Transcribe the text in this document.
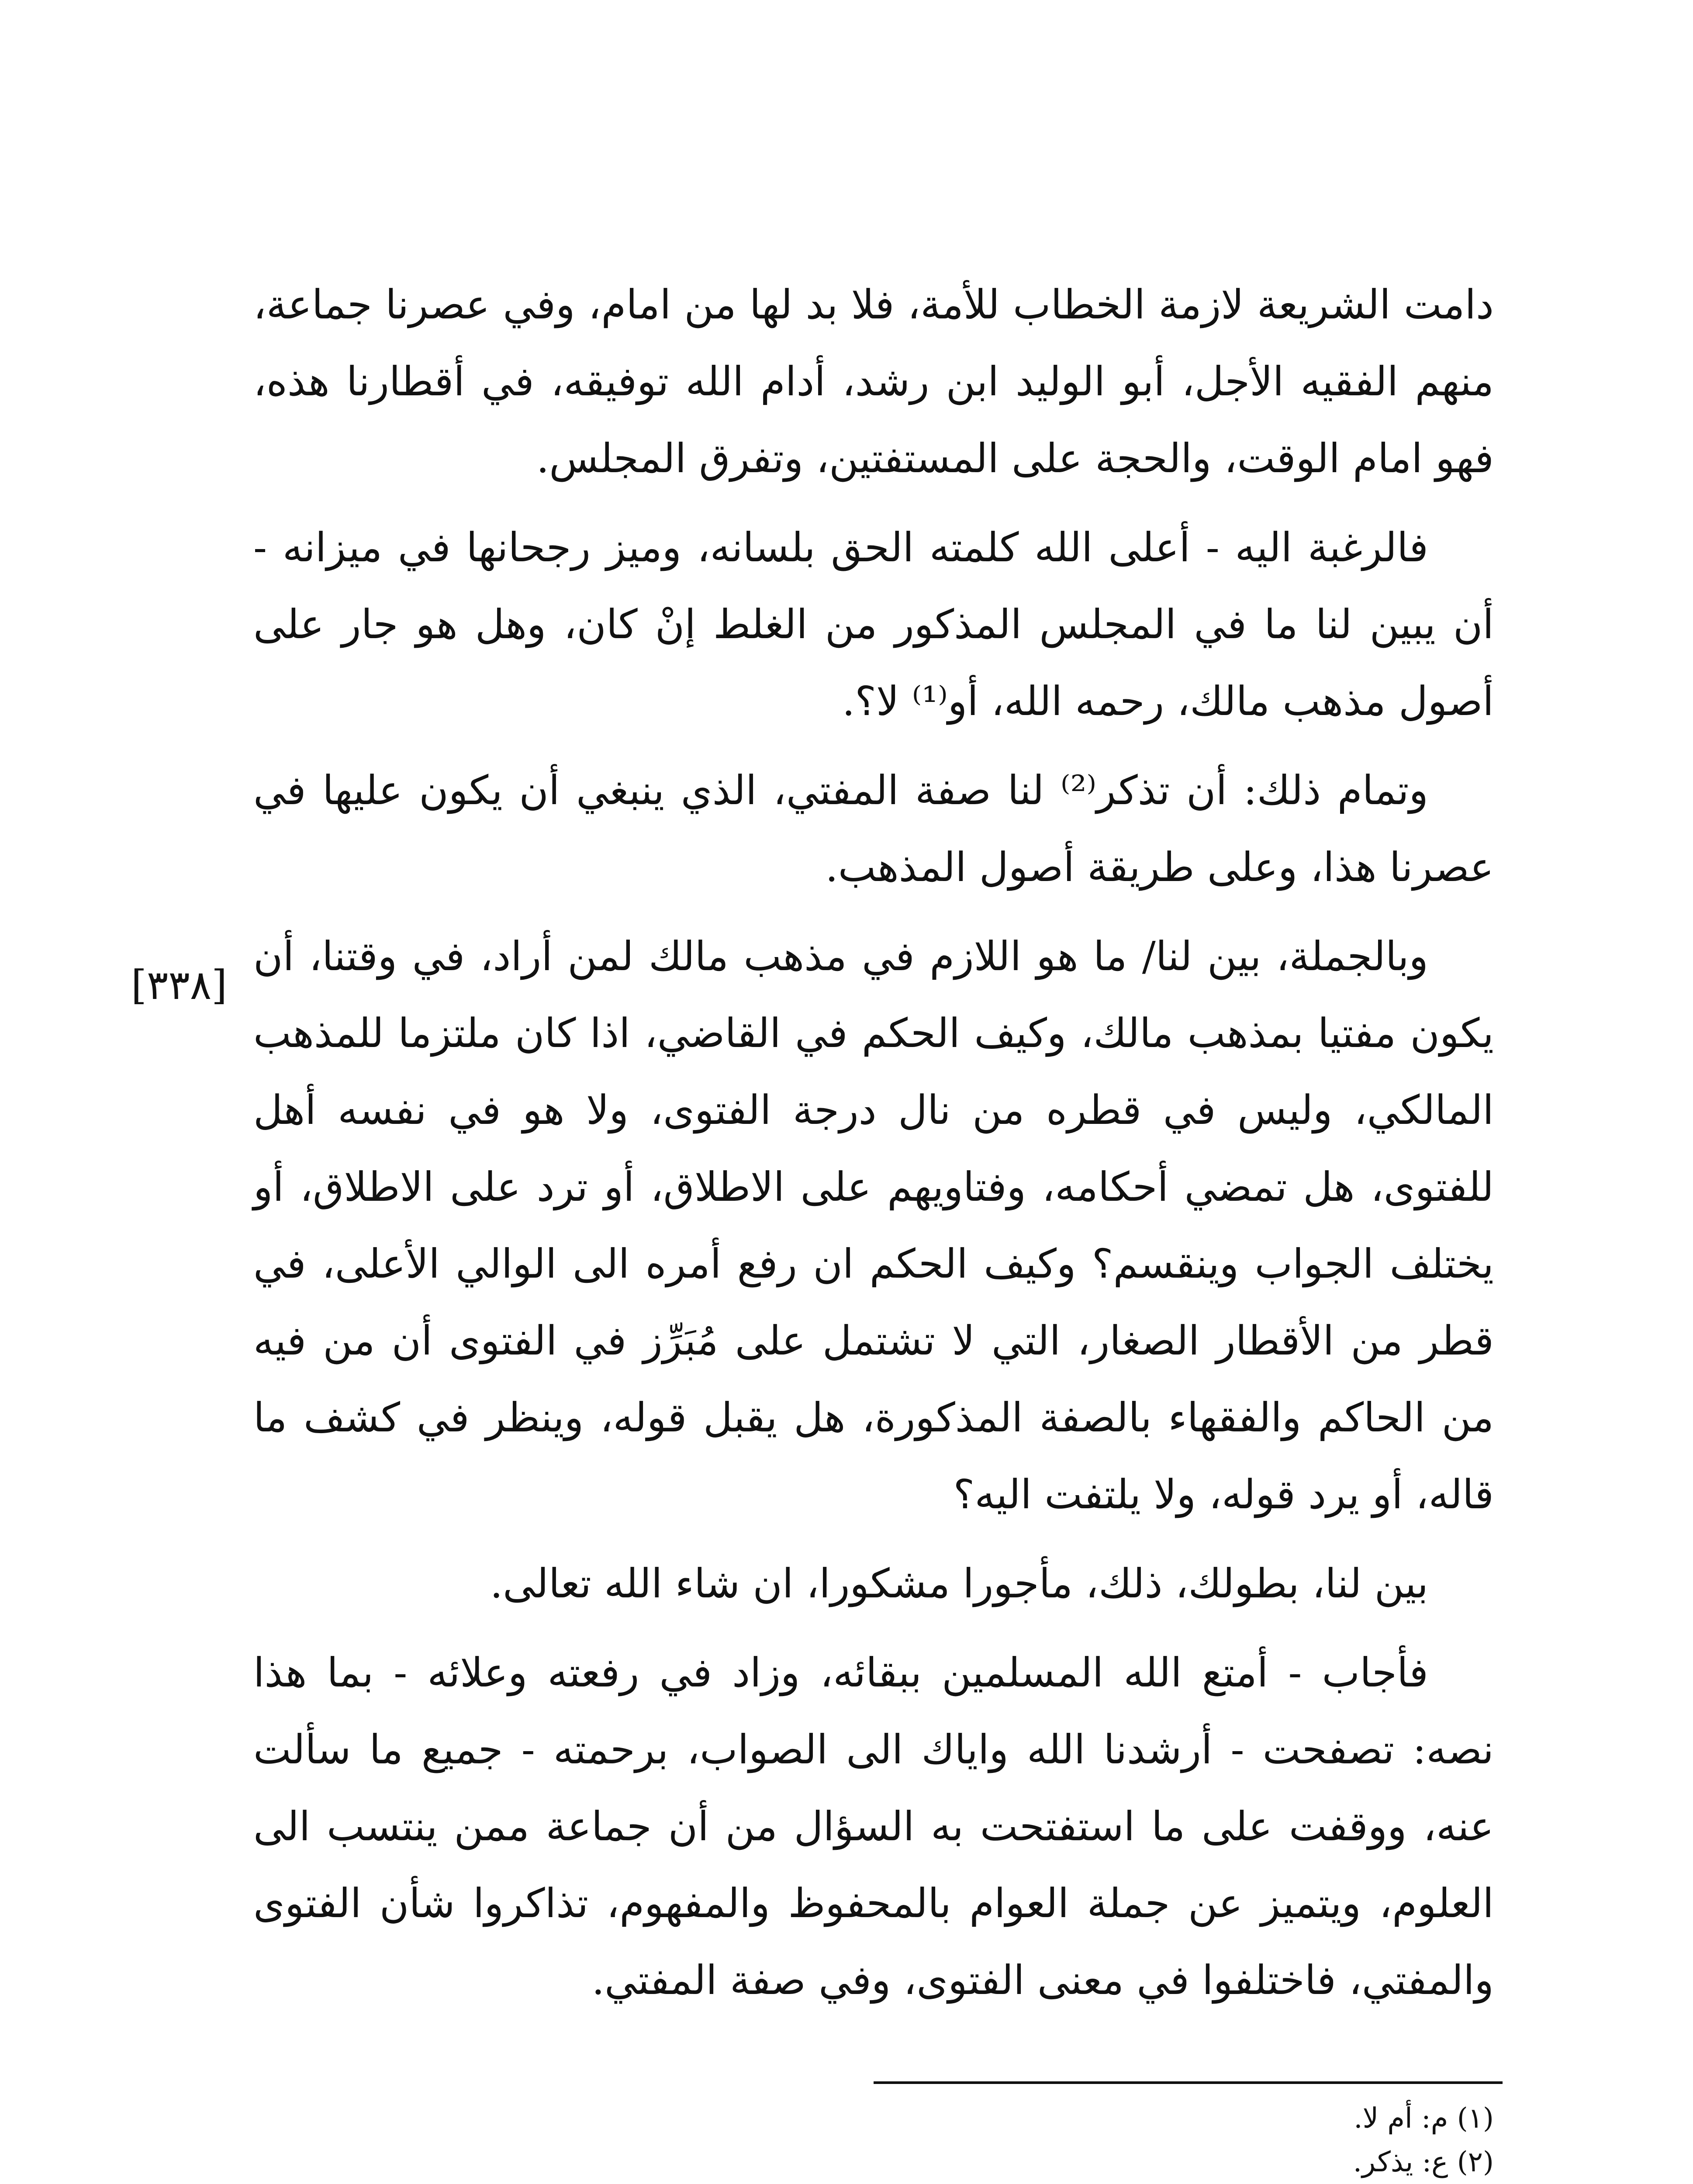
دامت الشريعة لازمة الخطاب للأمة، فلا بد لها من امام، وفي عصرنا جماعة، منهم الفقيه الأجل، أبو الوليد ابن رشد، أدام الله توفيقه، في أقطارنا هذه، فهو امام الوقت، والحجة على المستفتين، وتفرق المجلس.

فالرغبة اليه - أعلى الله كلمته الحق بلسانه، وميز رجحانها في ميزانه - أن يبين لنا ما في المجلس المذكور من الغلط إنْ كان، وهل هو جار على أصول مذهب مالك، رحمه الله، أو⁽¹⁾ لا؟.

وتمام ذلك: أن تذكر⁽²⁾ لنا صفة المفتي، الذي ينبغي أن يكون عليها في عصرنا هذا، وعلى طريقة أصول المذهب.

وبالجملة، بين لنا/ ما هو اللازم في مذهب مالك لمن أراد، في وقتنا، أن يكون مفتيا بمذهب مالك، وكيف الحكم في القاضي، اذا كان ملتزما للمذهب المالكي، وليس في قطره من نال درجة الفتوى، ولا هو في نفسه أهل للفتوى، هل تمضي أحكامه، وفتاويهم على الاطلاق، أو ترد على الاطلاق، أو يختلف الجواب وينقسم؟ وكيف الحكم ان رفع أمره الى الوالي الأعلى، في قطر من الأقطار الصغار، التي لا تشتمل على مُبَرِّز في الفتوى أن من فيه من الحاكم والفقهاء بالصفة المذكورة، هل يقبل قوله، وينظر في كشف ما قاله، أو يرد قوله، ولا يلتفت اليه؟

بين لنا، بطولك، ذلك، مأجورا مشكورا، ان شاء الله تعالى.

فأجاب - أمتع الله المسلمين ببقائه، وزاد في رفعته وعلائه - بما هذا نصه: تصفحت - أرشدنا الله واياك الى الصواب، برحمته - جميع ما سألت عنه، ووقفت على ما استفتحت به السؤال من أن جماعة ممن ينتسب الى العلوم، ويتميز عن جملة العوام بالمحفوظ والمفهوم، تذاكروا شأن الفتوى والمفتي، فاختلفوا في معنى الفتوى، وفي صفة المفتي.

[٣٣٨]

(١) م: أم لا.

(٢) ع: يذكر.
